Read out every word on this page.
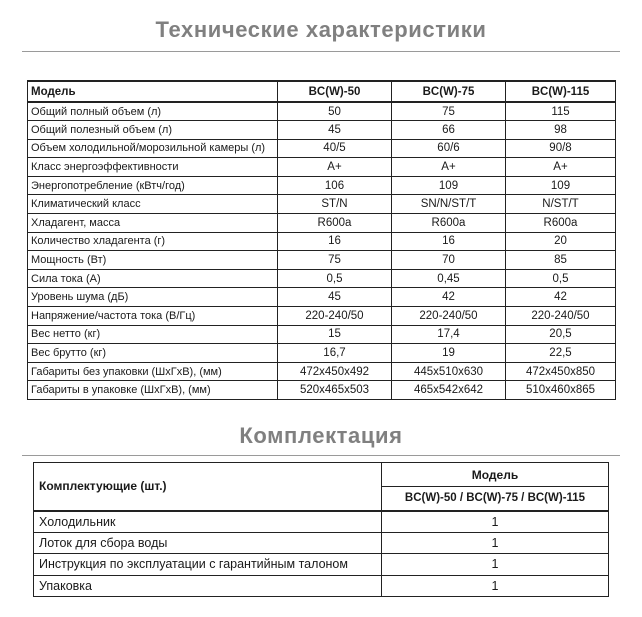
Технические характеристики
Модель	BC(W)-50	BC(W)-75	BC(W)-115
Общий полный объем (л)	50	75	115
Общий полезный объем (л)	45	66	98
Объем холодильной/морозильной камеры (л)	40/5	60/6	90/8
Класс энергоэффективности	A+	A+	A+
Энергопотребление (кВтч/год)	106	109	109
Климатический класс	ST/N	SN/N/ST/T	N/ST/T
Хладагент, масса	R600a	R600a	R600a
Количество хладагента (г)	16	16	20
Мощность (Вт)	75	70	85
Сила тока (А)	0,5	0,45	0,5
Уровень шума (дБ)	45	42	42
Напряжение/частота тока (В/Гц)	220-240/50	220-240/50	220-240/50
Вес нетто (кг)	15	17,4	20,5
Вес брутто (кг)	16,7	19	22,5
Габариты без упаковки (ШхГхВ), (мм)	472x450x492	445x510x630	472x450x850
Габариты в упаковке (ШхГхВ), (мм)	520x465x503	465x542x642	510x460x865
Комплектация
Комплектующие (шт.)	Модель
	BC(W)-50 / BC(W)-75 / BC(W)-115
Холодильник	1
Лоток для сбора воды	1
Инструкция по эксплуатации с гарантийным талоном	1
Упаковка	1
